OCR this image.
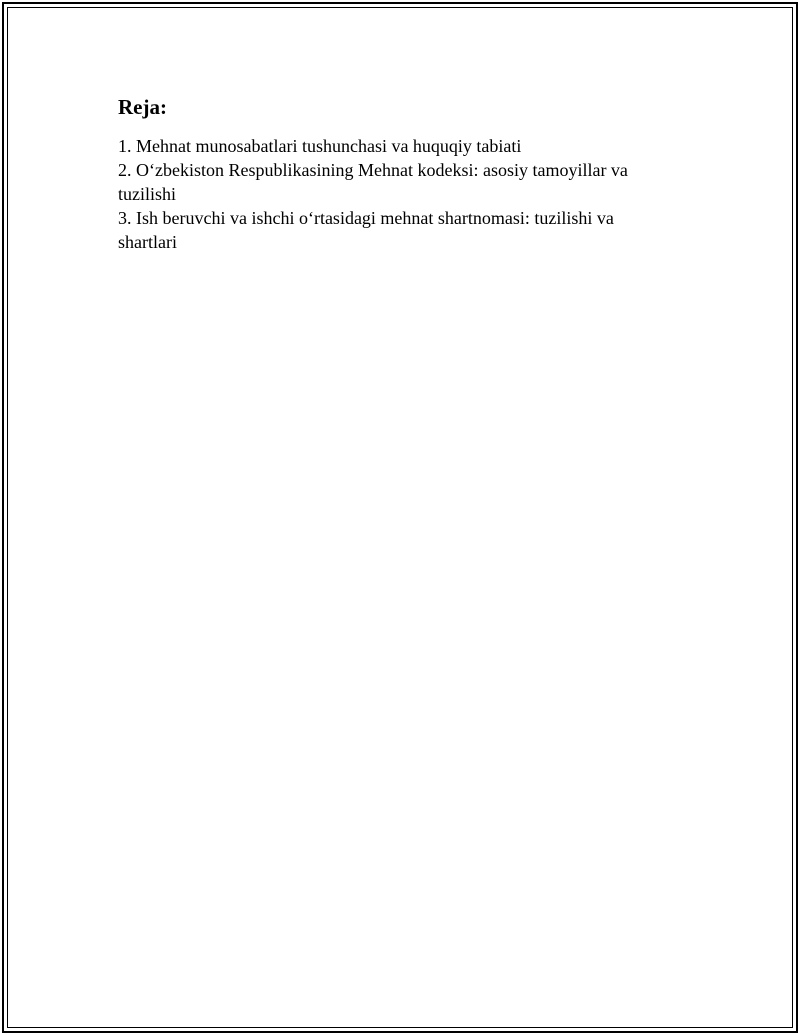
Reja:
1. Mehnat munosabatlari tushunchasi va huquqiy tabiati
2. O‘zbekiston Respublikasining Mehnat kodeksi: asosiy tamoyillar va tuzilishi
3. Ish beruvchi va ishchi o‘rtasidagi mehnat shartnomasi: tuzilishi va shartlari
